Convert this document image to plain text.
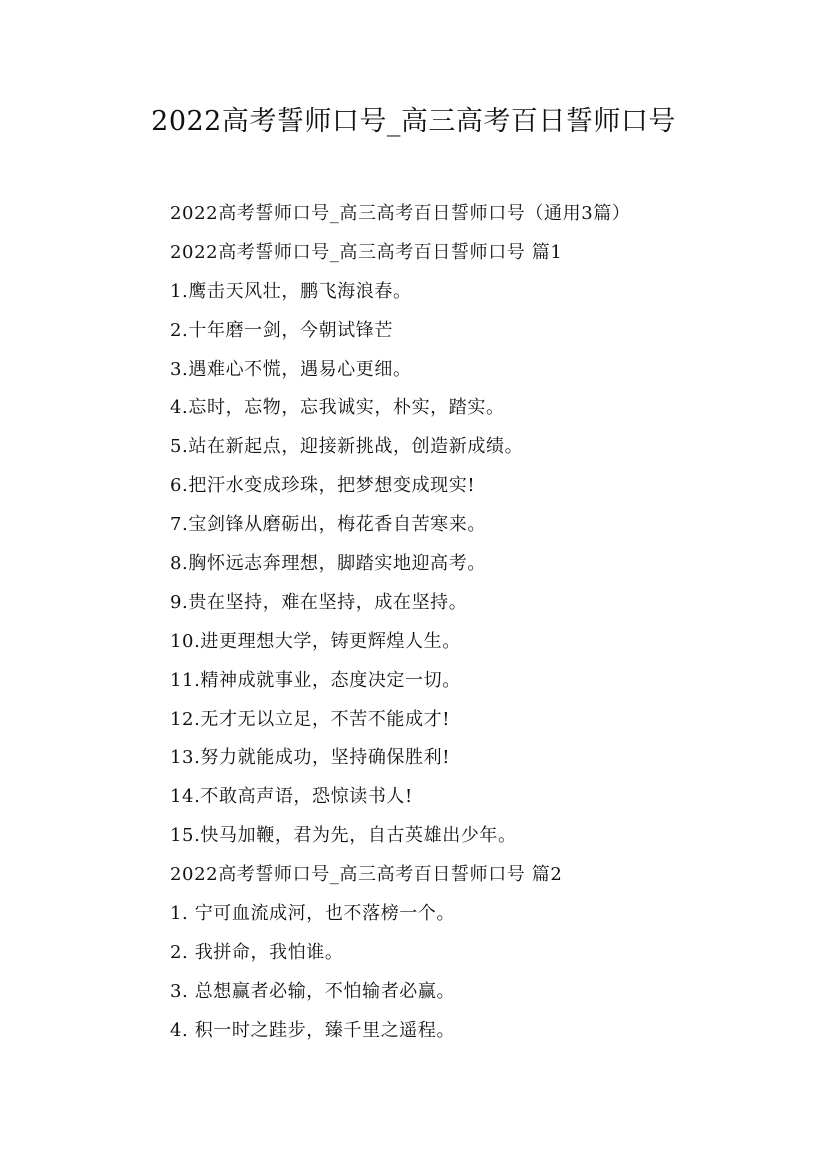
2022高考誓师口号_高三高考百日誓师口号
2022高考誓师口号_高三高考百日誓师口号（通用3篇）
2022高考誓师口号_高三高考百日誓师口号 篇1
1.鹰击天风壮，鹏飞海浪春。
2.十年磨一剑，今朝试锋芒
3.遇难心不慌，遇易心更细。
4.忘时，忘物，忘我诚实，朴实，踏实。
5.站在新起点，迎接新挑战，创造新成绩。
6.把汗水变成珍珠，把梦想变成现实!
7.宝剑锋从磨砺出，梅花香自苦寒来。
8.胸怀远志奔理想，脚踏实地迎高考。
9.贵在坚持，难在坚持，成在坚持。
10.进更理想大学，铸更辉煌人生。
11.精神成就事业，态度决定一切。
12.无才无以立足，不苦不能成才!
13.努力就能成功，坚持确保胜利!
14.不敢高声语，恐惊读书人!
15.快马加鞭，君为先，自古英雄出少年。
2022高考誓师口号_高三高考百日誓师口号 篇2
1. 宁可血流成河，也不落榜一个。
2. 我拼命，我怕谁。
3. 总想赢者必输，不怕输者必赢。
4. 积一时之跬步，臻千里之遥程。
